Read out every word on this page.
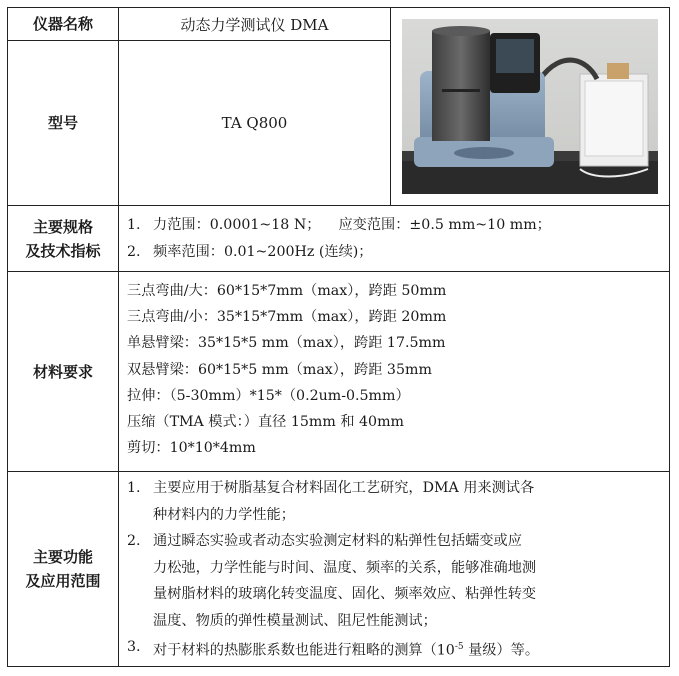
仪器名称	动态力学测试仪 DMA
型号	TA Q800
主要规格
及技术指标
1. 力范围：0.0001~18 N；    应变范围：±0.5 mm~10 mm；
2. 频率范围：0.01~200Hz (连续)；
材料要求
三点弯曲/大：60*15*7mm（max），跨距 50mm
三点弯曲/小：35*15*7mm（max），跨距 20mm
单悬臂梁：35*15*5 mm（max），跨距 17.5mm
双悬臂梁：60*15*5 mm（max），跨距 35mm
拉伸：（5-30mm）*15*（0.2um-0.5mm）
压缩（TMA 模式：）直径 15mm 和 40mm
剪切：10*10*4mm
主要功能
及应用范围
1. 主要应用于树脂基复合材料固化工艺研究，DMA 用来测试各
种材料内的力学性能；
2. 通过瞬态实验或者动态实验测定材料的粘弹性包括蠕变或应
力松弛，力学性能与时间、温度、频率的关系，能够准确地测
量树脂材料的玻璃化转变温度、固化、频率效应、粘弹性转变
温度、物质的弹性模量测试、阻尼性能测试；
3. 对于材料的热膨胀系数也能进行粗略的测算（$10^{-5}$ 量级）等。
